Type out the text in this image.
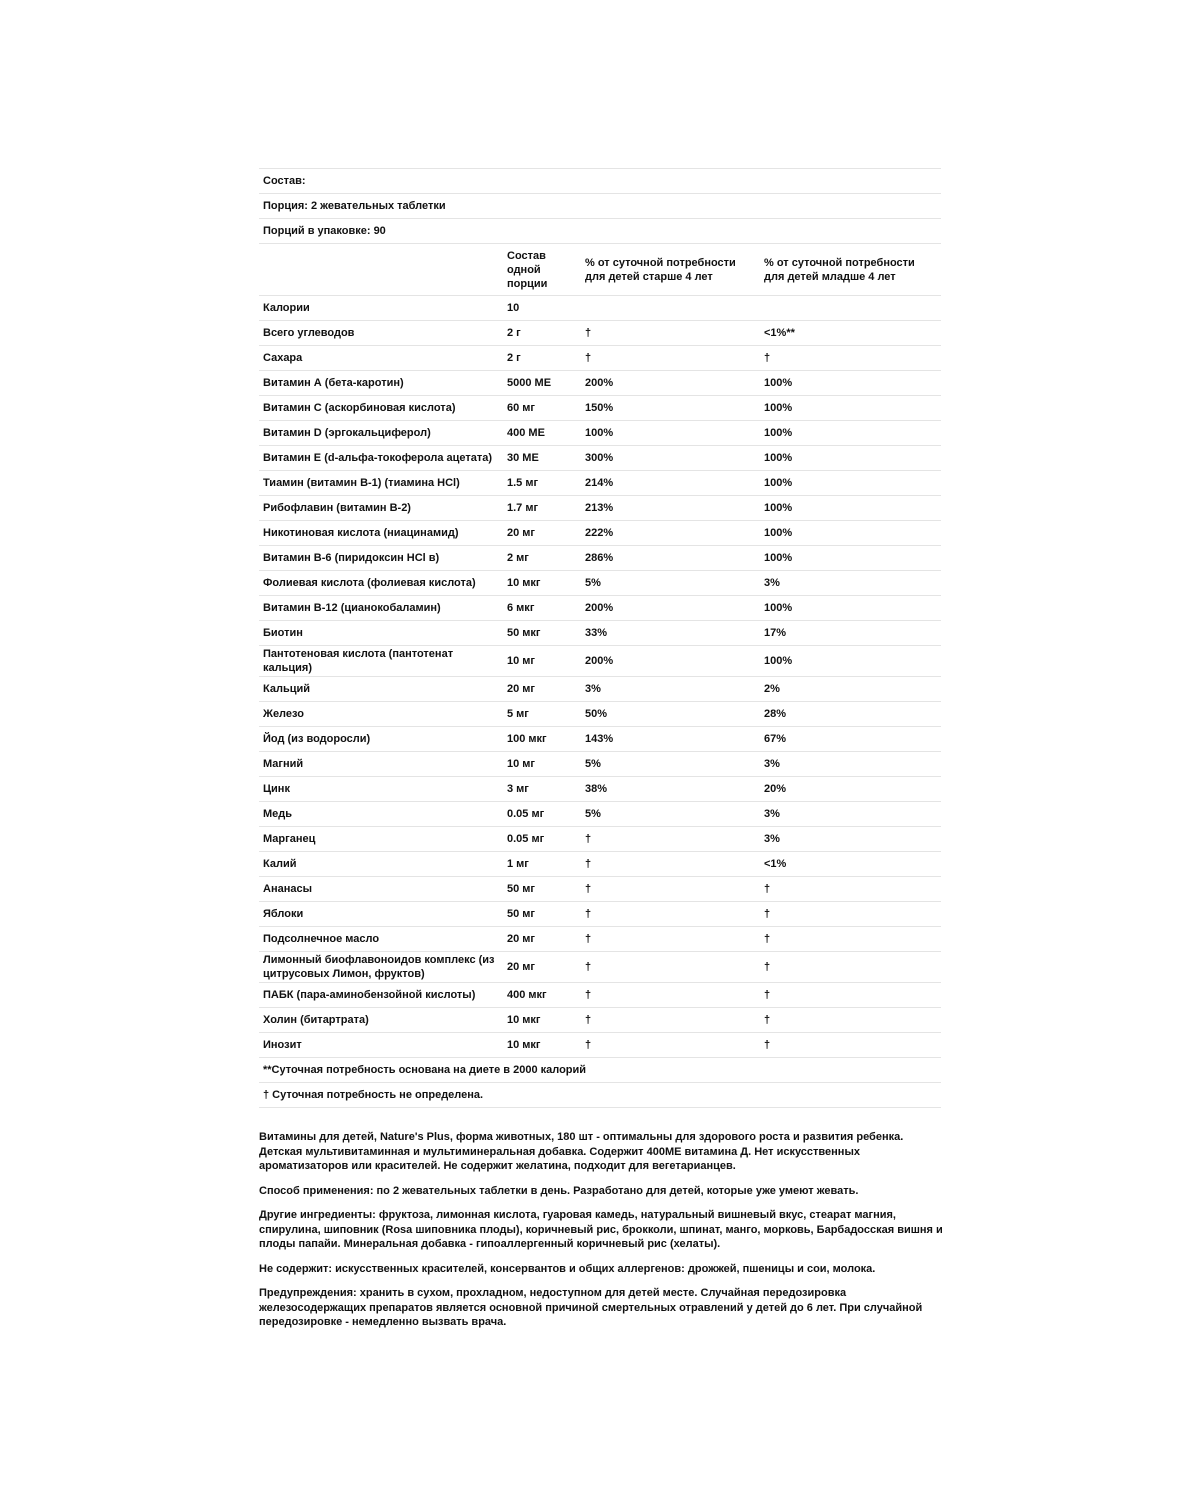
Состав:			
Порция: 2 жевательных таблетки			
Порций в упаковке: 90			
	Состав одной порции	% от суточной потребности для детей старше 4 лет	% от суточной потребности для детей младше 4 лет
Калории	10		
Всего углеводов	2 г	†	<1%**
Сахара	2 г	†	†
Витамин А (бета-каротин)	5000 МЕ	200%	100%
Витамин С (аскорбиновая кислота)	60 мг	150%	100%
Витамин D (эргокальциферол)	400 МЕ	100%	100%
Витамин Е (d-альфа-токоферола ацетата)	30 МЕ	300%	100%
Тиамин (витамин В-1) (тиамина HCl)	1.5 мг	214%	100%
Рибофлавин (витамин В-2)	1.7 мг	213%	100%
Никотиновая кислота (ниацинамид)	20 мг	222%	100%
Витамин В-6 (пиридоксин HCl в)	2 мг	286%	100%
Фолиевая кислота (фолиевая кислота)	10 мкг	5%	3%
Витамин В-12 (цианокобаламин)	6 мкг	200%	100%
Биотин	50 мкг	33%	17%
Пантотеновая кислота (пантотенат кальция)	10 мг	200%	100%
Кальций	20 мг	3%	2%
Железо	5 мг	50%	28%
Йод (из водоросли)	100 мкг	143%	67%
Магний	10 мг	5%	3%
Цинк	3 мг	38%	20%
Медь	0.05 мг	5%	3%
Марганец	0.05 мг	†	3%
Калий	1 мг	†	<1%
Ананасы	50 мг	†	†
Яблоки	50 мг	†	†
Подсолнечное масло	20 мг	†	†
Лимонный биофлавоноидов комплекс (из цитрусовых Лимон, фруктов)	20 мг	†	†
ПАБК (пара-аминобензойной кислоты)	400 мкг	†	†
Холин (битартрата)	10 мкг	†	†
Инозит	10 мкг	†	†
**Суточная потребность основана на диете в 2000 калорий			
† Суточная потребность не определена.			

Витамины для детей, Nature's Plus, форма животных, 180 шт - оптимальны для здорового роста и развития ребенка. Детская мультивитаминная и мультиминеральная добавка. Содержит 400МЕ витамина Д. Нет искусственных ароматизаторов или красителей. Не содержит желатина, подходит для вегетарианцев.

Способ применения: по 2 жевательных таблетки в день. Разработано для детей, которые уже умеют жевать.

Другие ингредиенты: фруктоза, лимонная кислота, гуаровая камедь, натуральный вишневый вкус, стеарат магния, спирулина, шиповник (Rosa шиповника плоды), коричневый рис, брокколи, шпинат, манго, морковь, Барбадосская вишня и плоды папайи. Минеральная добавка - гипоаллергенный коричневый рис (хелаты).

Не содержит: искусственных красителей, консервантов и общих аллергенов: дрожжей, пшеницы и сои, молока.

Предупреждения: хранить в сухом, прохладном, недоступном для детей месте. Случайная передозировка железосодержащих препаратов является основной причиной смертельных отравлений у детей до 6 лет. При случайной передозировке - немедленно вызвать врача.
